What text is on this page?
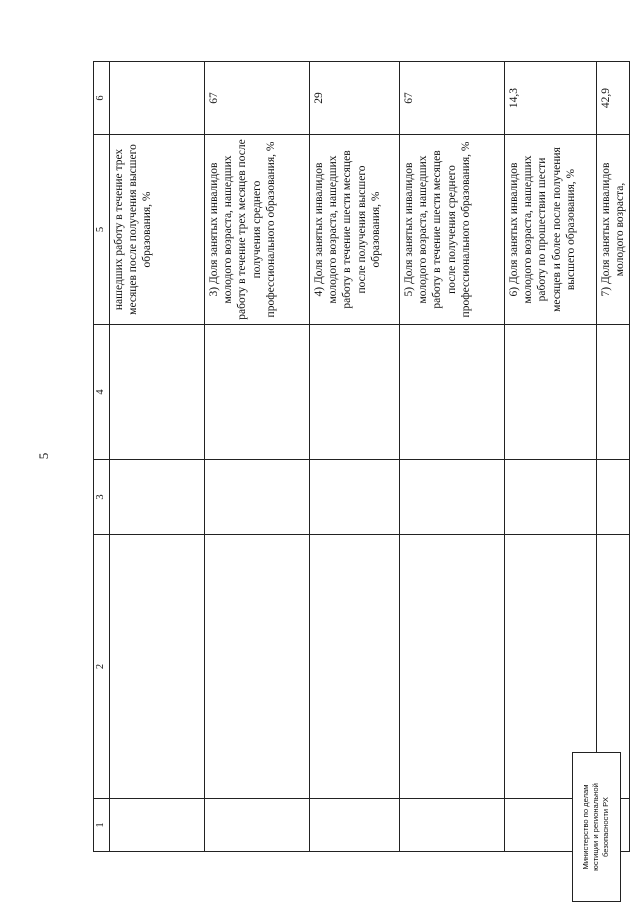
5
1	2	3	4	5	6
				нашедших работу в течение трех месяцев после получения высшего образования, %	
				3) Доля занятых инвалидов молодого возраста, нашедших работу в течение трех месяцев после получения среднего профессионального образования, %	67
				4) Доля занятых инвалидов молодого возраста, нашедших работу в течение шести месяцев после получения высшего образования, %	29
				5) Доля занятых инвалидов молодого возраста, нашедших работу в течение шести месяцев после получения среднего профессионального образования, %	67
				6) Доля занятых инвалидов молодого возраста, нашедших работу по прошествии шести месяцев и более после получения высшего образования, %	14,3
				7) Доля занятых инвалидов молодого возраста,	42,9
Министерство по делам юстиции и региональной безопасности РХ
